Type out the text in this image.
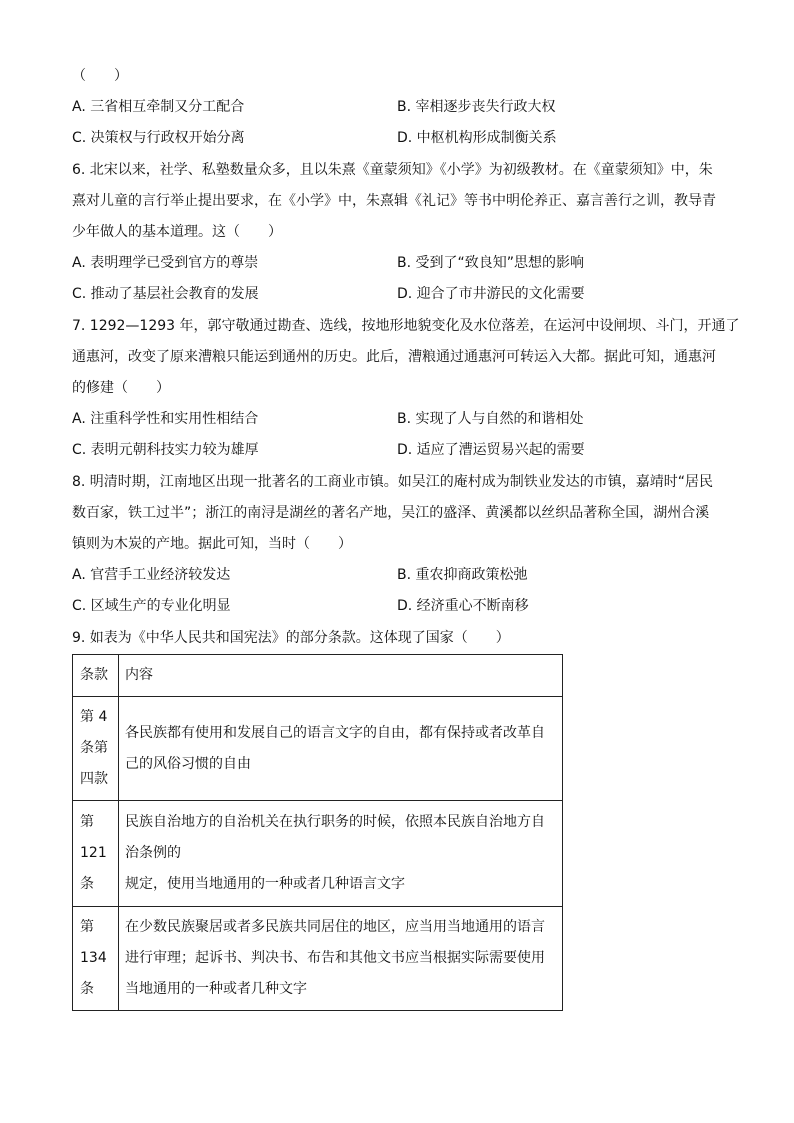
（　　）
A. 三省相互牵制又分工配合	B. 宰相逐步丧失行政大权
C. 决策权与行政权开始分离	D. 中枢机构形成制衡关系
6. 北宋以来，社学、私塾数量众多，且以朱熹《童蒙须知》《小学》为初级教材。在《童蒙须知》中，朱
熹对儿童的言行举止提出要求，在《小学》中，朱熹辑《礼记》等书中明伦养正、嘉言善行之训，教导青
少年做人的基本道理。这（　　）
A. 表明理学已受到官方的尊崇	B. 受到了“致良知”思想的影响
C. 推动了基层社会教育的发展	D. 迎合了市井游民的文化需要
7. 1292—1293 年，郭守敬通过勘查、选线，按地形地貌变化及水位落差，在运河中设闸坝、斗门，开通了
通惠河，改变了原来漕粮只能运到通州的历史。此后，漕粮通过通惠河可转运入大都。据此可知，通惠河
的修建（　　）
A. 注重科学性和实用性相结合	B. 实现了人与自然的和谐相处
C. 表明元朝科技实力较为雄厚	D. 适应了漕运贸易兴起的需要
8. 明清时期，江南地区出现一批著名的工商业市镇。如吴江的庵村成为制铁业发达的市镇，嘉靖时“居民
数百家，铁工过半”；浙江的南浔是湖丝的著名产地，吴江的盛泽、黄溪都以丝织品著称全国，湖州合溪
镇则为木炭的产地。据此可知，当时（　　）
A. 官营手工业经济较发达	B. 重农抑商政策松弛
C. 区域生产的专业化明显	D. 经济重心不断南移
9. 如表为《中华人民共和国宪法》的部分条款。这体现了国家（　　）
条款	内容

第 4
条第
四款	各民族都有使用和发展自己的语言文字的自由，都有保持或者改革自
己的风俗习惯的自由

第
121
条	民族自治地方的自治机关在执行职务的时候，依照本民族自治地方自
治条例的
规定，使用当地通用的一种或者几种语言文字

第
134
条	在少数民族聚居或者多民族共同居住的地区，应当用当地通用的语言
进行审理；起诉书、判决书、布告和其他文书应当根据实际需要使用
当地通用的一种或者几种文字
